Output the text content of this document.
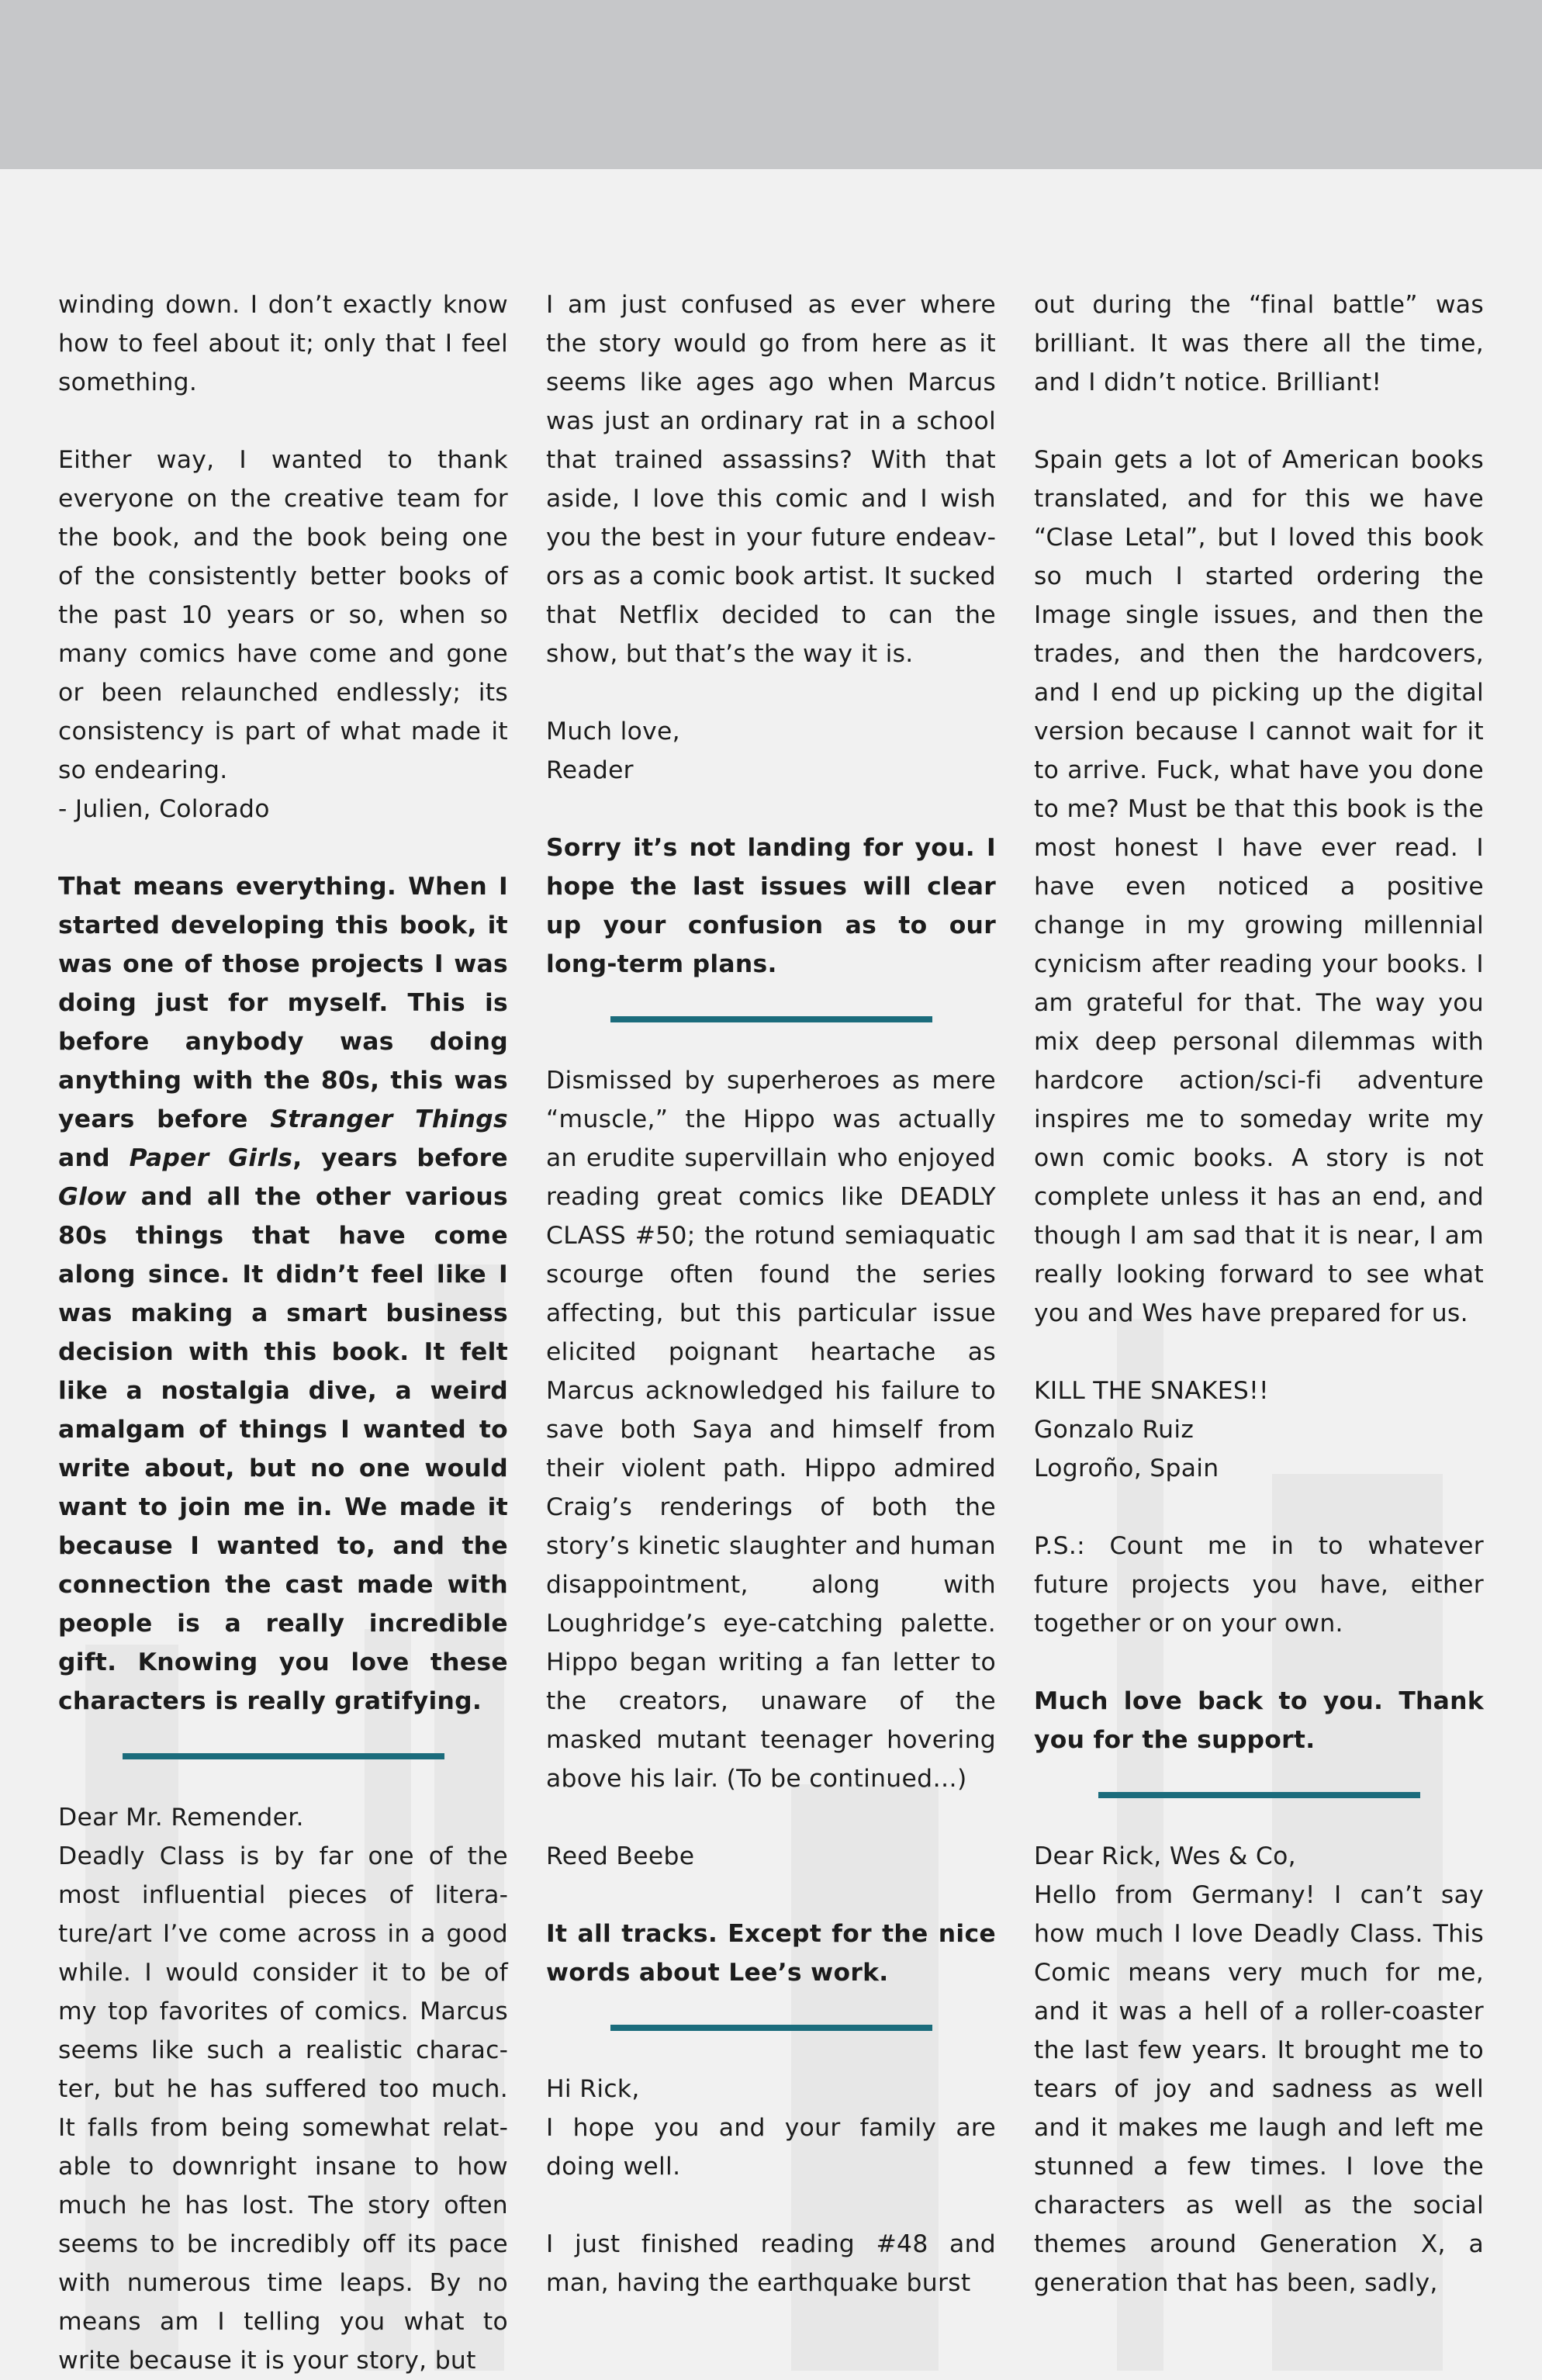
winding down. I don’t exactly know how to feel about it; only that I feel something.

Either way, I wanted to thank everyone on the creative team for the book, and the book being one of the consistently better books of the past 10 years or so, when so many comics have come and gone or been relaunched endlessly; its consistency is part of what made it so endearing.
- Julien, Colorado

That means everything. When I started developing this book, it was one of those projects I was doing just for myself. This is before anybody was doing anything with the 80s, this was years before Stranger Things and Paper Girls, years before Glow and all the other various 80s things that have come along since. It didn’t feel like I was making a smart business decision with this book. It felt like a nostalgia dive, a weird amalgam of things I wanted to write about, but no one would want to join me in. We made it because I wanted to, and the connection the cast made with people is a really incredible gift. Knowing you love these characters is really gratifying.

Dear Mr. Remender.

Deadly Class is by far one of the most influential pieces of literature/art I’ve come across in a good while. I would consider it to be of my top favorites of comics. Marcus seems like such a realistic character, but he has suffered too much. It falls from being somewhat relatable to downright insane to how much he has lost. The story often seems to be incredibly off its pace with numerous time leaps. By no means am I telling you what to write because it is your story, but

I am just confused as ever where the story would go from here as it seems like ages ago when Marcus was just an ordinary rat in a school that trained assassins? With that aside, I love this comic and I wish you the best in your future endeavors as a comic book artist. It sucked that Netflix decided to can the show, but that’s the way it is.

Much love,
Reader

Sorry it’s not landing for you. I hope the last issues will clear up your confusion as to our long-term plans.

Dismissed by superheroes as mere “muscle,” the Hippo was actually an erudite supervillain who enjoyed reading great comics like DEADLY CLASS #50; the rotund semiaquatic scourge often found the series affecting, but this particular issue elicited poignant heartache as Marcus acknowledged his failure to save both Saya and himself from their violent path. Hippo admired Craig’s renderings of both the story’s kinetic slaughter and human disappointment, along with Loughridge’s eye-catching palette. Hippo began writing a fan letter to the creators, unaware of the masked mutant teenager hovering above his lair. (To be continued…)

Reed Beebe

It all tracks. Except for the nice words about Lee’s work.

Hi Rick,

I hope you and your family are doing well.

I just finished reading #48 and man, having the earthquake burst

out during the “final battle” was brilliant. It was there all the time, and I didn’t notice. Brilliant!

Spain gets a lot of American books translated, and for this we have “Clase Letal”, but I loved this book so much I started ordering the Image single issues, and then the trades, and then the hardcovers, and I end up picking up the digital version because I cannot wait for it to arrive. Fuck, what have you done to me? Must be that this book is the most honest I have ever read. I have even noticed a positive change in my growing millennial cynicism after reading your books. I am grateful for that. The way you mix deep personal dilemmas with hardcore action/sci-fi adventure inspires me to someday write my own comic books. A story is not complete unless it has an end, and though I am sad that it is near, I am really looking forward to see what you and Wes have prepared for us.

KILL THE SNAKES!!
Gonzalo Ruiz
Logroño, Spain

P.S.: Count me in to whatever future projects you have, either together or on your own.

Much love back to you. Thank you for the support.

Dear Rick, Wes & Co,

Hello from Germany! I can’t say how much I love Deadly Class. This Comic means very much for me, and it was a hell of a roller-coaster the last few years. It brought me to tears of joy and sadness as well and it makes me laugh and left me stunned a few times. I love the characters as well as the social themes around Generation X, a generation that has been, sadly,
